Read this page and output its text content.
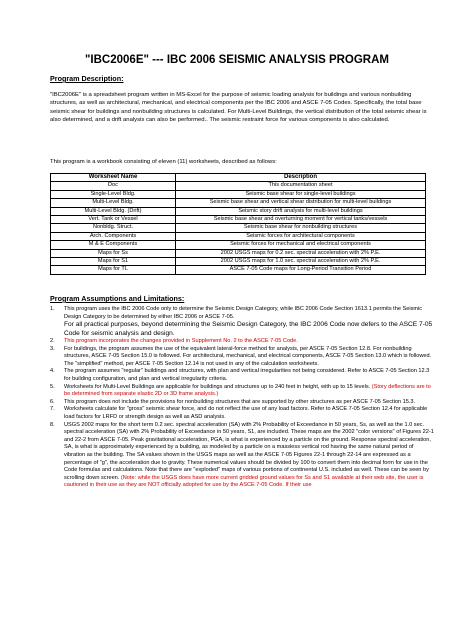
"IBC2006E" --- IBC 2006 SEISMIC ANALYSIS PROGRAM
Program Description:
"IBC2006E" is a spreadsheet program written in MS-Excel for the purpose of seismic loading analysis for buildings and various nonbuilding structures, as well as architectural, mechanical, and electrical components per the IBC 2006 and ASCE 7-05 Codes. Specifically, the total base seismic shear for buildings and nonbuilding structures is calculated. For Multi-Level Buildings, the vertical distribution of the total seismic shear is also determined, and a drift analysis can also be performed.. The seismic restraint force for various components is also calculated.
This program is a workbook consisting of eleven (11) worksheets, described as follows:
Worksheet Name	Description
Doc	This documentation sheet
Single-Level Bldg.	Seismic base shear for single-level buildings
Multi-Level Bldg.	Seismic base shear and vertical shear distribution for multi-level buildings
Multi-Level Bldg. (Drift)	Seismic story drift analysis for multi-level buildings
Vert. Tank or Vessel	Seismic base shear and overturning moment for vertical tanks/vessels
Nonbldg. Struct.	Seismic base shear for nonbuilding structures
Arch. Components	Seismic forces for architectural components
M & E Components	Seismic forces for mechanical and electrical components
Maps for Ss	2002 USGS maps for 0.2 sec. spectral acceleration with 2% P.E.
Maps for S1	2002 USGS maps for 1.0 sec. spectral acceleration with 2% P.E.
Maps for TL	ASCE 7-05 Code maps for Long-Period Transition Period
Program Assumptions and Limitations:
1. This program uses the IBC 2006 Code only to determine the Seismic Design Category, while IBC 2006 Code Section 1613.1 permits the Seismic Design Category to be determined by either IBC 2006 or ASCE 7-05.
For all practical purposes, beyond determining the Seismic Design Category, the IBC 2006 Code now defers to the ASCE 7-05 Code for seismic analysis and design.
2. This program incorporates the changes provided in Supplement No. 2 to the ASCE 7-05 Code.
3. For buildings, the program assumes the use of the equivalent lateral-force method for analysis, per ASCE 7-05 Section 12.8. For nonbuilding structures, ASCE 7-05 Section 15.0 is followed. For architectural, mechanical, and electrical components, ASCE 7-05 Section 13.0 which is followed. The "simplified" method, per ASCE 7-05 Section 12.14 is not used in any of the calculation worksheets.
4. The program assumes "regular" buildings and structures, with plan and vertical irregularities not being considered. Refer to ASCE 7-05 Section 12.3 for building configuration, and plan and vertical irregularity criteria.
5. Worksheets for Multi-Level Buildings are applicable for buildings and structures up to 240 feet in height, with up to 15 levels. (Story deflections are to be determined from separate elastic 2D or 3D frame analysis.)
6. This program does not include the provisions for nonbuilding structures that are supported by other structures as per ASCE 7-05 Section 15.3.
7. Worksheets calculate for "gross" seismic shear force, and do not reflect the use of any load factors. Refer to ASCE 7-05 Section 12.4 for applicable load factors for LRFD or strength design as well as ASD analysis.
8. USGS 2002 maps for the short term 0.2 sec. spectral acceleration (SA) with 2% Probability of Exceedance in 50 years, Ss, as well as the 1.0 sec. spectral acceleration (SA) with 2% Probability of Exceedance in 50 years, S1, are included. These maps are the 2002 "color versions" of Figures 22-1 and 22-2 from ASCE 7-05. Peak gravitational acceleration, PGA, is what is experienced by a particle on the ground. Response spectral acceleration, SA, is what is approximately experienced by a building, as modeled by a particle on a massless vertical rod having the same natural period of vibration as the building. The SA values shown in the USGS maps as well as the ASCE 7-05 Figures 22-1 through 22-14 are expressed as a percentage of "g", the acceleration due to gravity. These numerical values should be divided by 100 to convert them into decimal form for use in the Code formulas and calculations. Note that there are "exploded" maps of various portions of continental U.S. included as well. These can be seen by scrolling down screen. (Note: while the USGS does have more current gridded ground values for Ss and S1 available at their web site, the user is cautioned in their use as they are NOT officially adopted for use by the ASCE 7-05 Code. If their use
